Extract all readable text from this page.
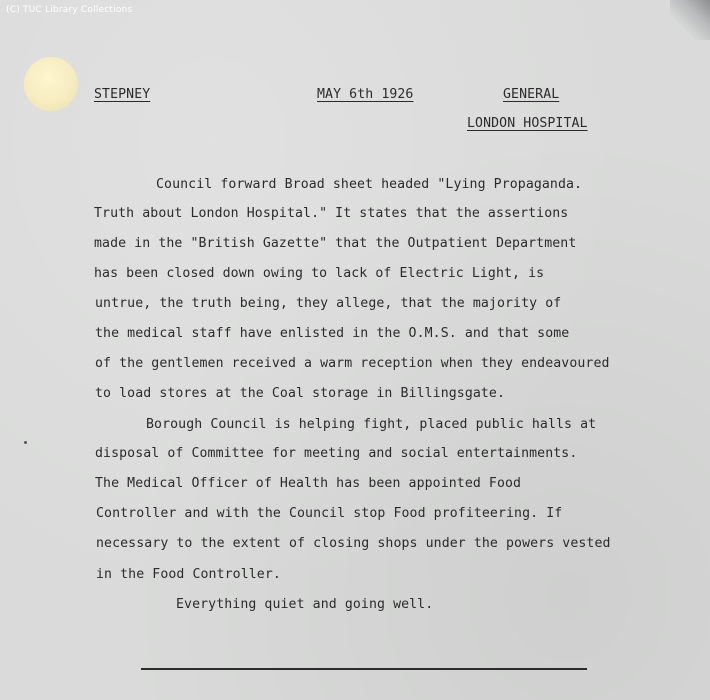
(C) TUC Library Collections
STEPNEY	MAY 6th 1926	GENERAL
LONDON HOSPITAL
Council forward Broad sheet headed "Lying Propaganda.
Truth about London Hospital." It states that the assertions
made in the "British Gazette" that the Outpatient Department
has been closed down owing to lack of Electric Light, is
untrue, the truth being, they allege, that the majority of
the medical staff have enlisted in the O.M.S. and that some
of the gentlemen received a warm reception when they endeavoured
to load stores at the Coal storage in Billingsgate.
Borough Council is helping fight, placed public halls at
disposal of Committee for meeting and social entertainments.
The Medical Officer of Health has been appointed Food
Controller and with the Council stop Food profiteering. If
necessary to the extent of closing shops under the powers vested
in the Food Controller.
Everything quiet and going well.
